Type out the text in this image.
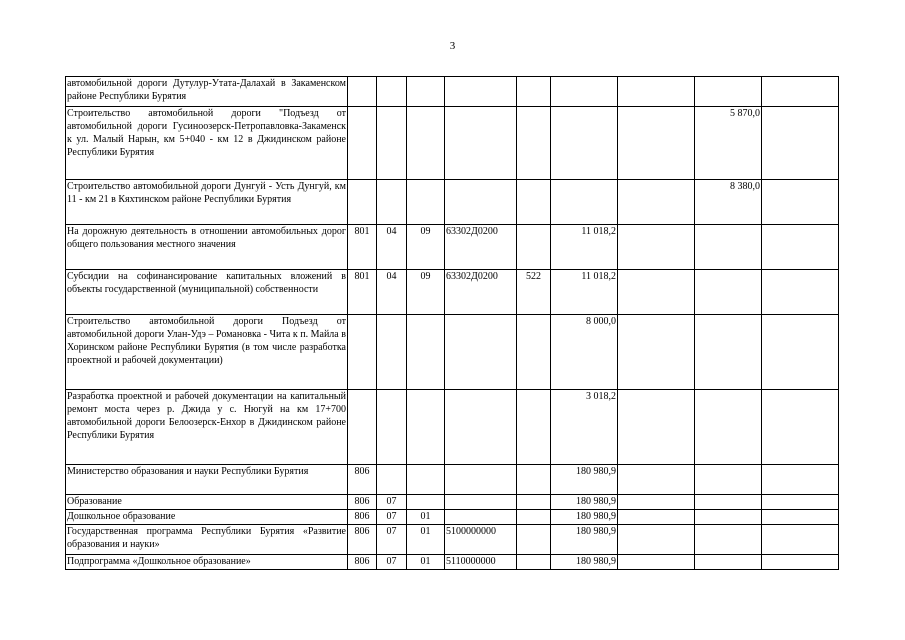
3
автомобильной дороги Дутулур-Утата-Далахай в Закаменском районе Республики Бурятия									
Строительство автомобильной дороги "Подъезд от автомобильной дороги Гусиноозерск-Петропавловка-Закаменск к ул. Малый Нарын, км 5+040 - км 12 в Джидинском районе Республики Бурятия								5 870,0	
Строительство автомобильной дороги Дунгуй - Усть Дунгуй, км 11 - км 21 в Кяхтинском районе Республики Бурятия								8 380,0	
На дорожную деятельность в отношении автомобильных дорог общего пользования местного значения	801	04	09	63302Д0200		11 018,2			
Субсидии на софинансирование капитальных вложений в объекты государственной (муниципальной) собственности	801	04	09	63302Д0200	522	11 018,2			
Строительство автомобильной дороги Подъезд от автомобильной дороги Улан-Удэ – Романовка - Чита к п. Майла в Хоринском районе Республики Бурятия (в том числе разработка проектной и рабочей документации)						8 000,0			
Разработка проектной и рабочей документации на капитальный ремонт моста через р. Джида у с. Нюгуй на км 17+700 автомобильной дороги Белоозерск-Енхор в Джидинском районе Республики Бурятия						3 018,2			
Министерство образования и науки Республики Бурятия	806					180 980,9			
Образование	806	07				180 980,9			
Дошкольное образование	806	07	01			180 980,9			
Государственная программа Республики Бурятия «Развитие образования и науки»	806	07	01	5100000000		180 980,9			
Подпрограмма «Дошкольное образование»	806	07	01	5110000000		180 980,9			
